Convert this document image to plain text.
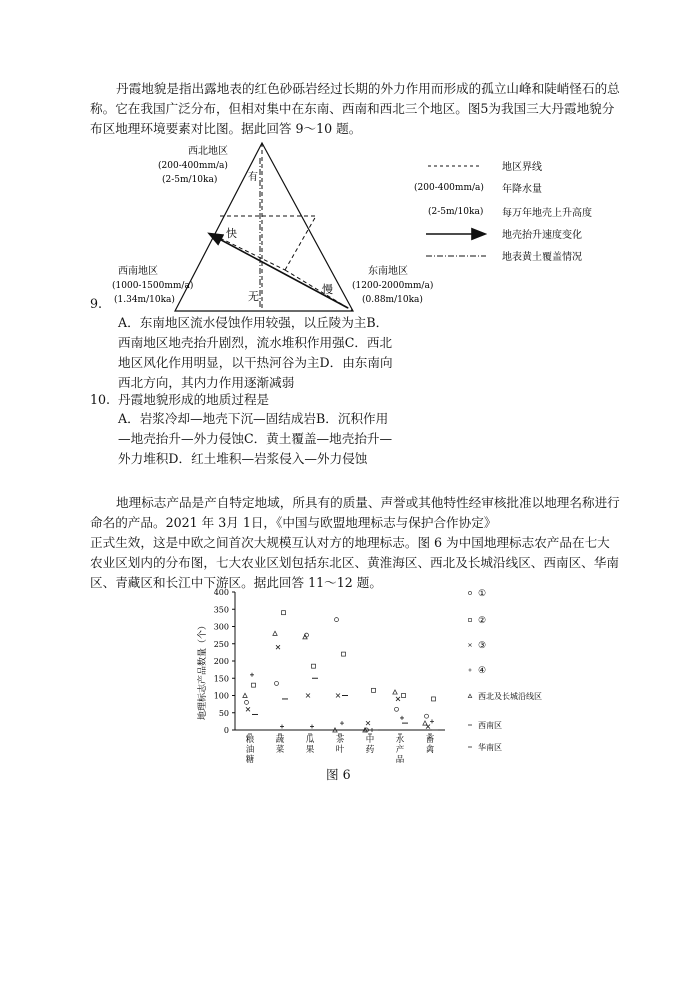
丹霞地貌是指出露地表的红色砂砾岩经过长期的外力作用而形成的孤立山峰和陡峭怪石的总称。它在我国广泛分布，但相对集中在东南、西南和西北三个地区。图5为我国三大丹霞地貌分布区地理环境要素对比图。据此回答 9～10 题。
西北地区
(200-400mm/a)
(2-5m/10ka)	有
快
无
慢
西南地区
(1000-1500mm/a)
(1.34m/10ka)
东南地区
(1200-2000mm/a)
(0.88m/10ka)
地区界线
(200-400mm/a) 年降水量
(2-5m/10ka) 每万年地壳上升高度
地壳抬升速度变化
地表黄土覆盖情况
9.
A．东南地区流水侵蚀作用较强，以丘陵为主B．西南地区地壳抬升剧烈，流水堆积作用强C．西北地区风化作用明显，以干热河谷为主D．由东南向西北方向，其内力作用逐渐减弱
10. 丹霞地貌形成的地质过程是
A．岩浆冷却—地壳下沉—固结成岩B．沉积作用—地壳抬升—外力侵蚀C．黄土覆盖—地壳抬升—外力堆积D．红土堆积—岩浆侵入—外力侵蚀
地理标志产品是产自特定地域，所具有的质量、声誉或其他特性经审核批准以地理名称进行命名的产品。2021 年 3月 1日，《中国与欧盟地理标志与保护合作协定》
正式生效，这是中欧之间首次大规模互认对方的地理标志。图 6 为中国地理标志农产品在七大农业区划内的分布图，七大农业区划包括东北区、黄淮海区、西北及长城沿线区、西南区、华南区、青藏区和长江中下游区。据此回答 11～12 题。
0
50
100
150
200
250
300
350
400
粮油糖
蔬菜
瓜果
茶叶
中药
水产品
畜禽
地理标志产品数量（个）
①
②
③
④
西北及长城沿线区
西南区
华南区
图 6
